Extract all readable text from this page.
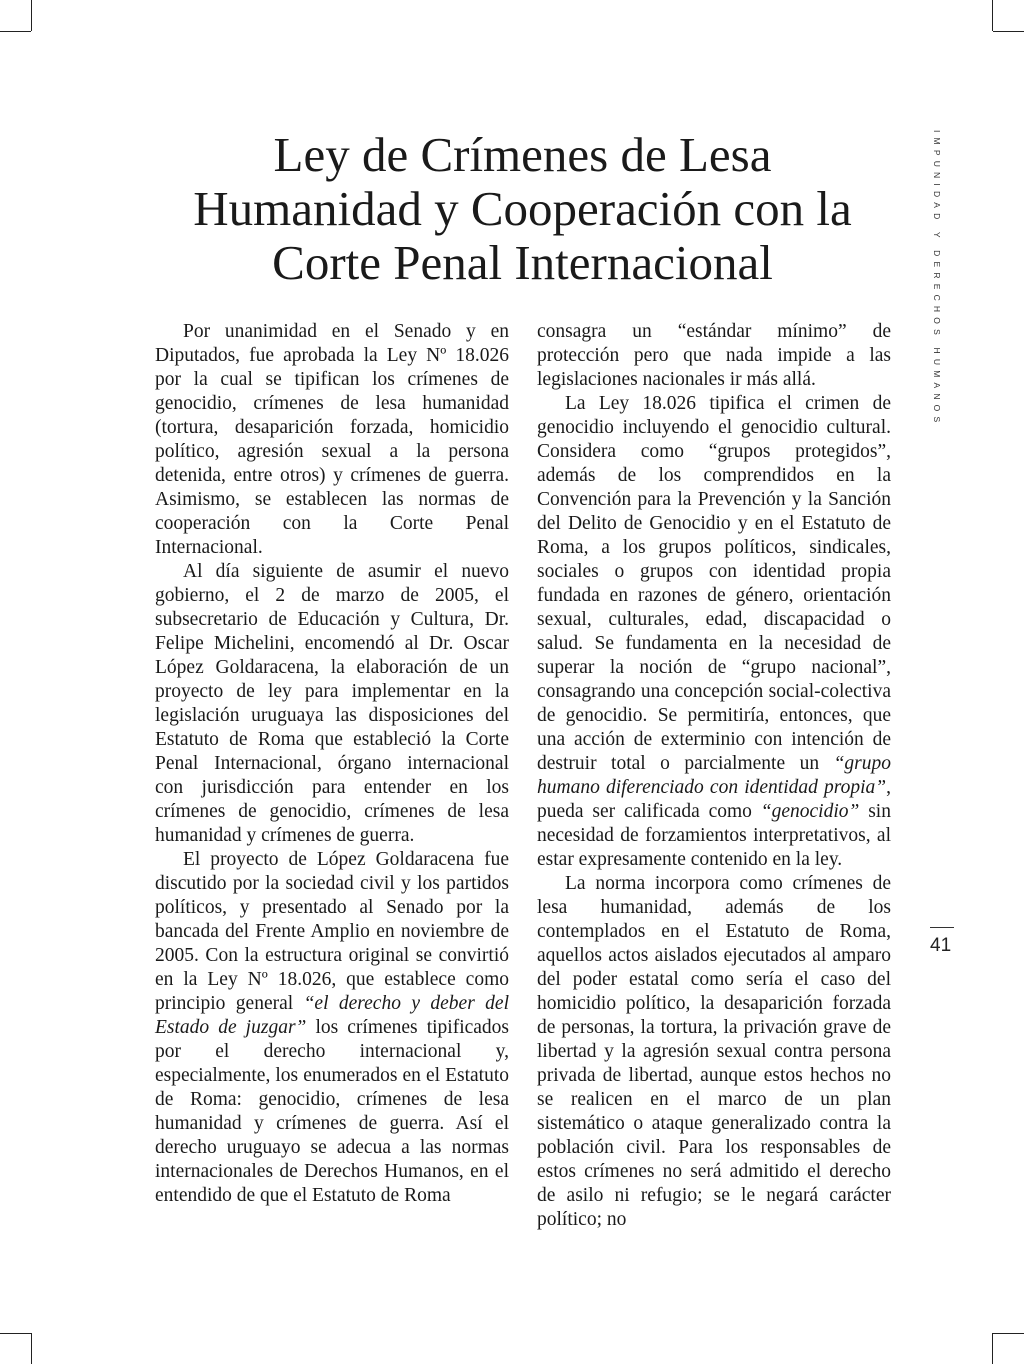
Ley de Crímenes de Lesa
Humanidad y Cooperación con la
Corte Penal Internacional

Por unanimidad en el Senado y en Diputados, fue aprobada la Ley Nº 18.026 por la cual se tipifican los crímenes de genocidio, crímenes de lesa humanidad (tortura, desaparición forzada, homicidio político, agresión sexual a la persona detenida, entre otros) y crímenes de guerra. Asimismo, se establecen las normas de cooperación con la Corte Penal Internacional.

Al día siguiente de asumir el nuevo gobierno, el 2 de marzo de 2005, el subsecretario de Educación y Cultura, Dr. Felipe Michelini, encomendó al Dr. Oscar López Goldaracena, la elaboración de un proyecto de ley para implementar en la legislación uruguaya las disposiciones del Estatuto de Roma que estableció la Corte Penal Internacional, órgano internacional con jurisdicción para entender en los crímenes de genocidio, crímenes de lesa humanidad y crímenes de guerra.

El proyecto de López Goldaracena fue discutido por la sociedad civil y los partidos políticos, y presentado al Senado por la bancada del Frente Amplio en noviembre de 2005. Con la estructura original se convirtió en la Ley Nº 18.026, que establece como principio general “el derecho y deber del Estado de juzgar” los crímenes tipificados por el derecho internacional y, especialmente, los enumerados en el Estatuto de Roma: genocidio, crímenes de lesa humanidad y crímenes de guerra. Así el derecho uruguayo se adecua a las normas internacionales de Derechos Humanos, en el entendido de que el Estatuto de Roma

consagra un “estándar mínimo” de protección pero que nada impide a las legislaciones nacionales ir más allá.

La Ley 18.026 tipifica el crimen de genocidio incluyendo el genocidio cultural. Considera como “grupos protegidos”, además de los comprendidos en la Convención para la Prevención y la Sanción del Delito de Genocidio y en el Estatuto de Roma, a los grupos políticos, sindicales, sociales o grupos con identidad propia fundada en razones de género, orientación sexual, culturales, edad, discapacidad o salud. Se fundamenta en la necesidad de superar la noción de “grupo nacional”, consagrando una concepción social-colectiva de genocidio. Se permitiría, entonces, que una acción de exterminio con intención de destruir total o parcialmente un “grupo humano diferenciado con identidad propia”, pueda ser calificada como “genocidio” sin necesidad de forzamientos interpretativos, al estar expresamente contenido en la ley.

La norma incorpora como crímenes de lesa humanidad, además de los contemplados en el Estatuto de Roma, aquellos actos aislados ejecutados al amparo del poder estatal como sería el caso del homicidio político, la desaparición forzada de personas, la tortura, la privación grave de libertad y la agresión sexual contra persona privada de libertad, aunque estos hechos no se realicen en el marco de un plan sistemático o ataque generalizado contra la población civil. Para los responsables de estos crímenes no será admitido el derecho de asilo ni refugio; se le negará carácter político; no

IMPUNIDAD Y DERECHOS HUMANOS
41
